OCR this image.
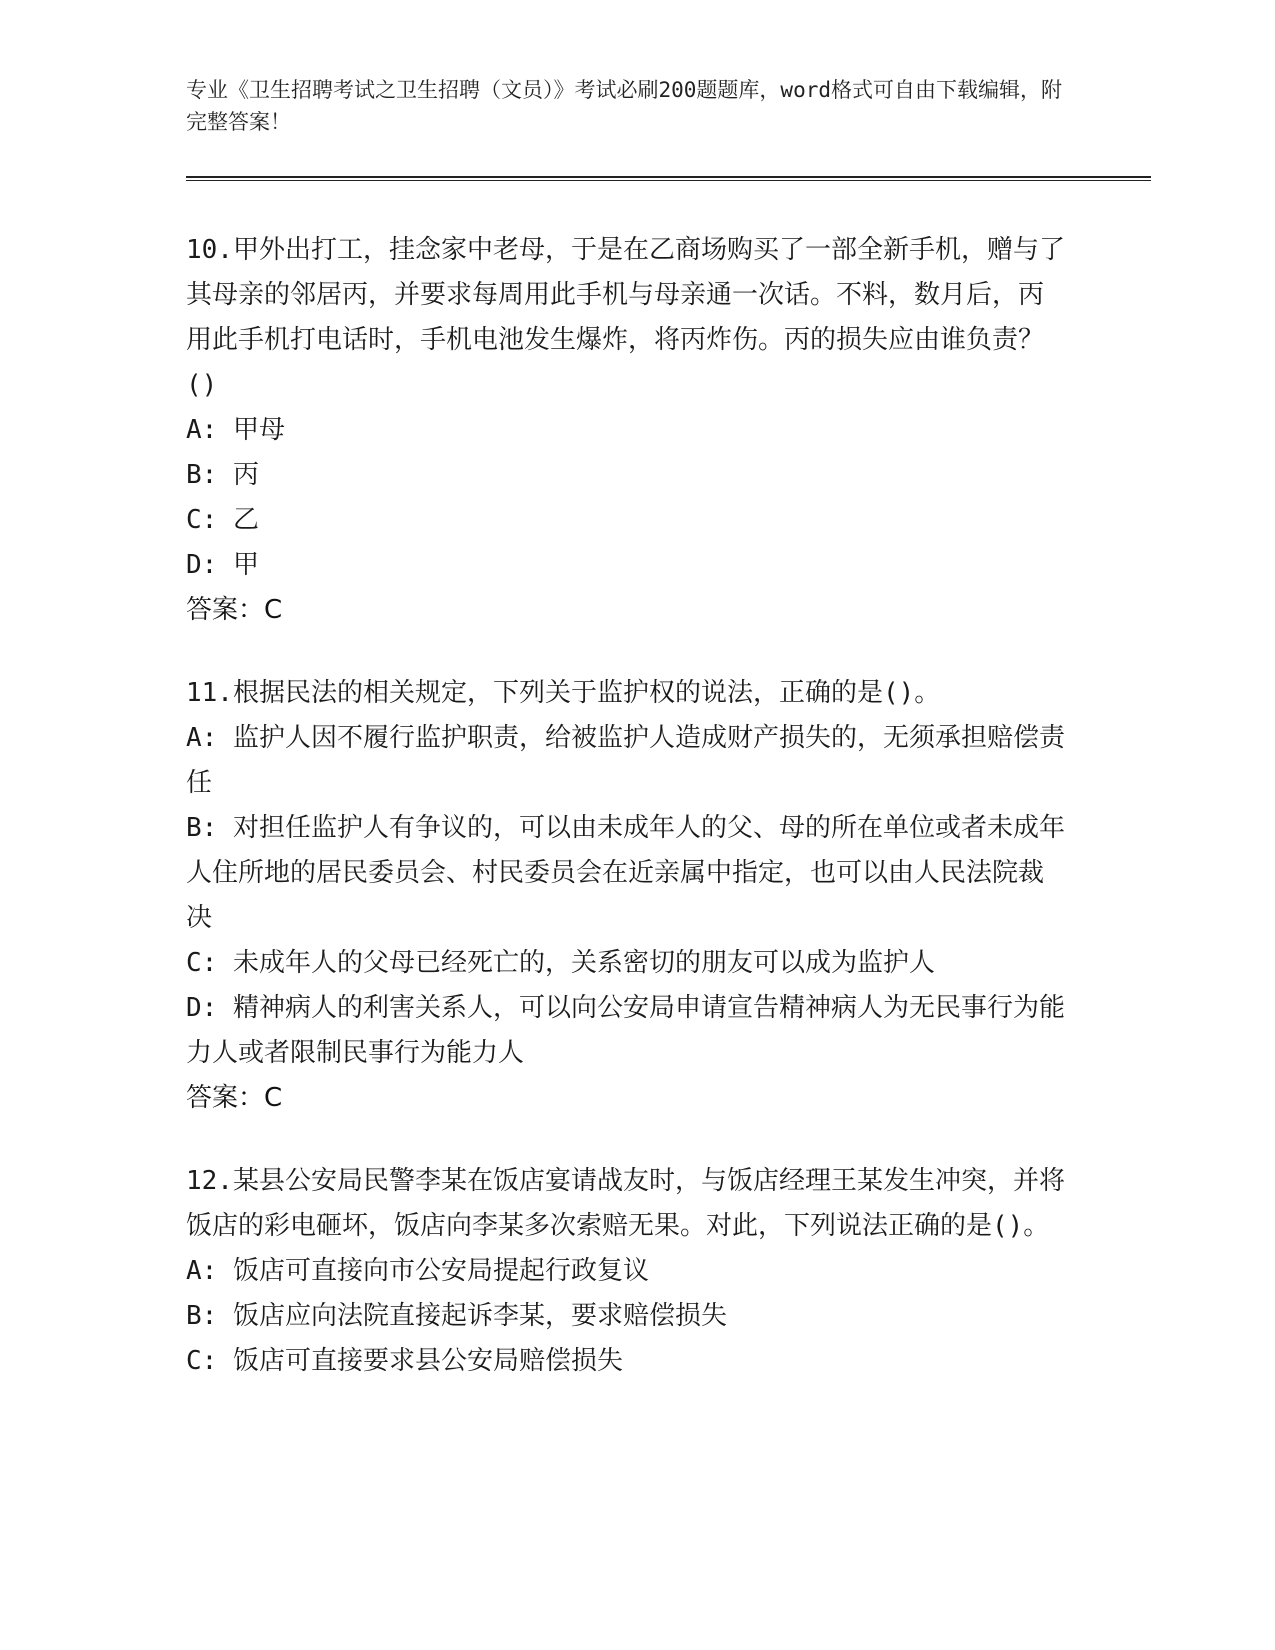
专业《卫生招聘考试之卫生招聘（文员）》考试必刷200题题库，word格式可自由下载编辑，附完整答案！
10.甲外出打工，挂念家中老母，于是在乙商场购买了一部全新手机，赠与了其母亲的邻居丙，并要求每周用此手机与母亲通一次话。不料，数月后，丙用此手机打电话时，手机电池发生爆炸，将丙炸伤。丙的损失应由谁负责？()
A: 甲母
B: 丙
C: 乙
D: 甲
答案：C
11.根据民法的相关规定，下列关于监护权的说法，正确的是()。
A: 监护人因不履行监护职责，给被监护人造成财产损失的，无须承担赔偿责任
B: 对担任监护人有争议的，可以由未成年人的父、母的所在单位或者未成年人住所地的居民委员会、村民委员会在近亲属中指定，也可以由人民法院裁决
C: 未成年人的父母已经死亡的，关系密切的朋友可以成为监护人
D: 精神病人的利害关系人，可以向公安局申请宣告精神病人为无民事行为能力人或者限制民事行为能力人
答案：C
12.某县公安局民警李某在饭店宴请战友时，与饭店经理王某发生冲突，并将饭店的彩电砸坏，饭店向李某多次索赔无果。对此，下列说法正确的是()。
A: 饭店可直接向市公安局提起行政复议
B: 饭店应向法院直接起诉李某，要求赔偿损失
C: 饭店可直接要求县公安局赔偿损失
